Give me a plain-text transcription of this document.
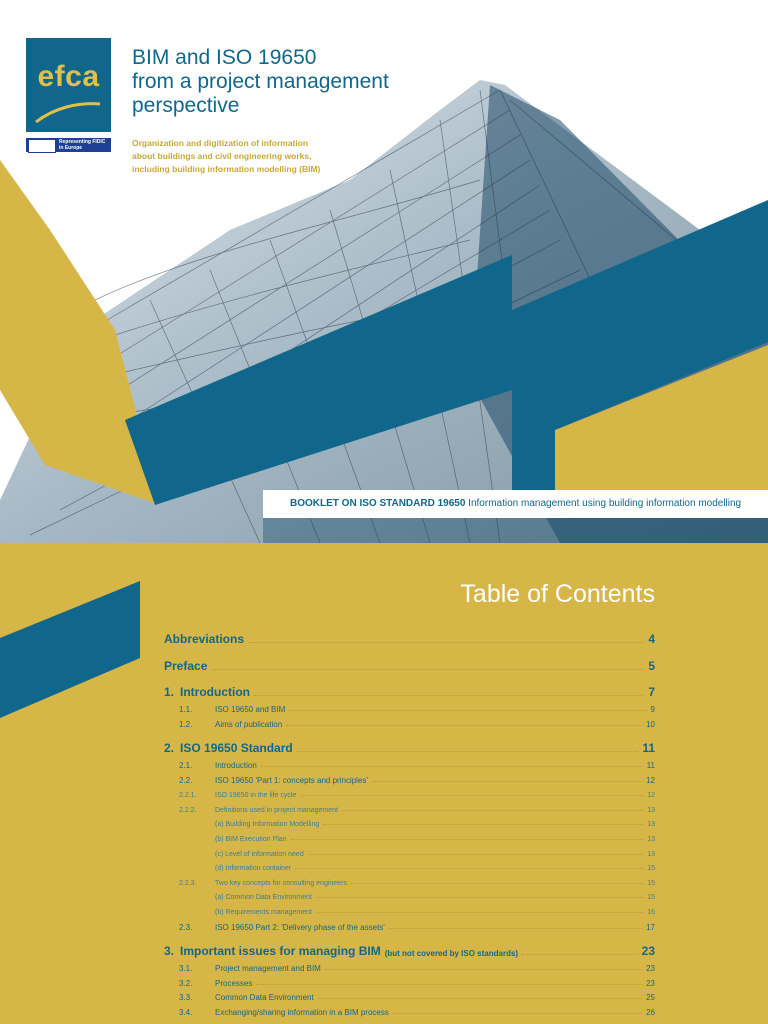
efca
Representing FIDIC in Europe
BIM and ISO 19650
from a project management
perspective
Organization and digitization of information
about buildings and civil engineering works,
including building information modelling (BIM)
BOOKLET ON ISO STANDARD 19650 Information management using building information modelling
Table of Contents
Abbreviations	4
Preface	5
1. Introduction	7
1.1.	ISO 19650 and BIM	9
1.2.	Aims of publication	10
2. ISO 19650 Standard	11
2.1.	Introduction	11
2.2.	ISO 19650 'Part 1: concepts and principles'	12
2.2.1.	ISO 19650 in the life cycle	12
2.2.2.	Definitions used in project management	13
(a) Building Information Modelling	13
(b) BIM Execution Plan	13
(c) Level of information need	13
(d) Information container	15
2.2.3.	Two key concepts for consulting engineers	15
(a) Common Data Environment	15
(b) Requirements management	16
2.3.	ISO 19650 Part 2: 'Delivery phase of the assets'	17
3. Important issues for managing BIM (but not covered by ISO standards)	23
3.1.	Project management and BIM	23
3.2.	Processes	23
3.3.	Common Data Environment	25
3.4.	Exchanging/sharing information in a BIM process	26
